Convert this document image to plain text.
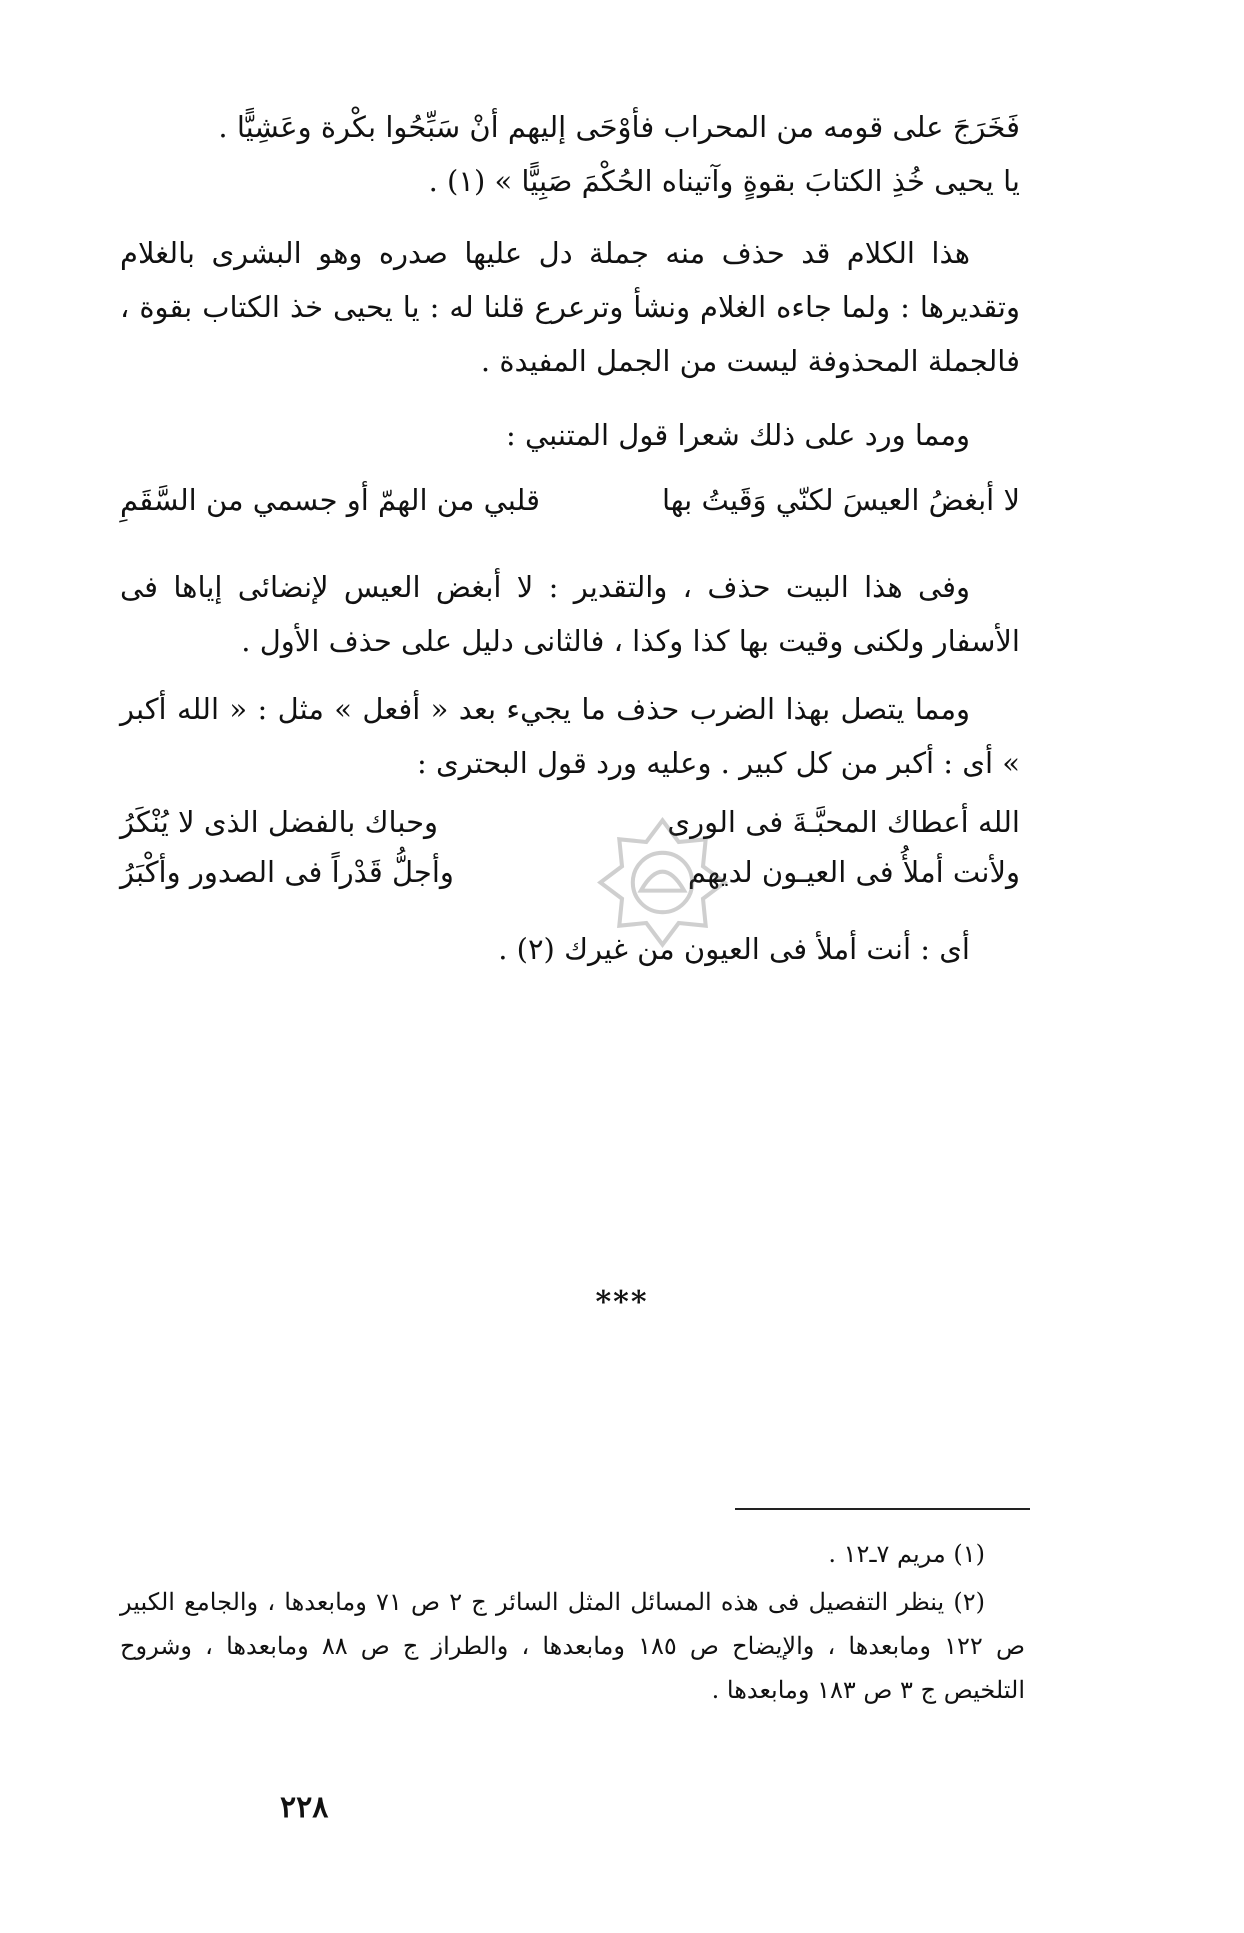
فَخَرَجَ على قومه من المحراب فأوْحَى إليهم أنْ سَبِّحُوا بكْرة وعَشِيًّا .
يا يحيى خُذِ الكتابَ بقوةٍ وآتيناه الحُكْمَ صَبِيًّا » (١) .
هذا الكلام قد حذف منه جملة دل عليها صدره وهو البشرى بالغلام وتقديرها : ولما جاءه الغلام ونشأ وترعرع قلنا له : يا يحيى خذ الكتاب بقوة ، فالجملة المحذوفة ليست من الجمل المفيدة .
ومما ورد على ذلك شعرا قول المتنبي :
لا أبغضُ العيسَ لكنّي وَقَيتُ بها
قلبي من الهمّ أو جسمي من السَّقَمِ
وفى هذا البيت حذف ، والتقدير : لا أبغض العيس لإنضائى إياها فى الأسفار ولكنى وقيت بها كذا وكذا ، فالثانى دليل على حذف الأول .
ومما يتصل بهذا الضرب حذف ما يجيء بعد « أفعل » مثل : « الله أكبر » أى : أكبر من كل كبير . وعليه ورد قول البحترى :
الله أعطاك المحبَّـةَ فى الورى
وحباك بالفضل الذى لا يُنْكَرُ
ولأنت أملأُ فى العيـون لديهم
وأجلُّ قَدْراً فى الصدور وأكْبَرُ
أى : أنت أملأ فى العيون من غيرك (٢) .
***
(١) مريم ٧ـ١٢ .
(٢) ينظر التفصيل فى هذه المسائل المثل السائر ج ٢ ص ٧١ ومابعدها ، والجامع الكبير ص ١٢٢ ومابعدها ، والإيضاح ص ١٨٥ ومابعدها ، والطراز ج ص ٨٨ ومابعدها ، وشروح التلخيص ج ٣ ص ١٨٣ ومابعدها .
٢٢٨
